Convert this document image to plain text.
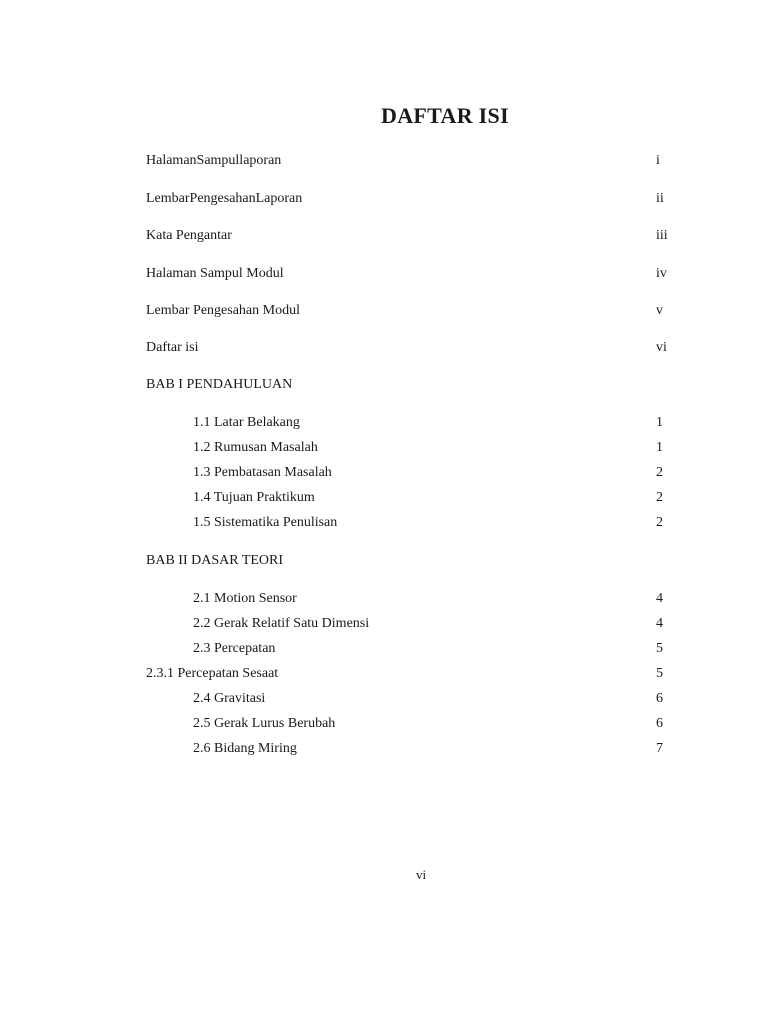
DAFTAR ISI
HalamanSampullaporan	i
LembarPengesahanLaporan	ii
Kata Pengantar	iii
Halaman Sampul Modul	iv
Lembar Pengesahan Modul	v
Daftar isi	vi
BAB I PENDAHULUAN
1.1 Latar Belakang	1
1.2 Rumusan Masalah	1
1.3 Pembatasan Masalah	2
1.4 Tujuan Praktikum	2
1.5 Sistematika Penulisan	2
BAB II DASAR TEORI
2.1 Motion Sensor	4
2.2 Gerak Relatif Satu Dimensi	4
2.3 Percepatan	5
2.3.1 Percepatan Sesaat	5
2.4 Gravitasi	6
2.5 Gerak Lurus Berubah	6
2.6 Bidang Miring	7
vi
